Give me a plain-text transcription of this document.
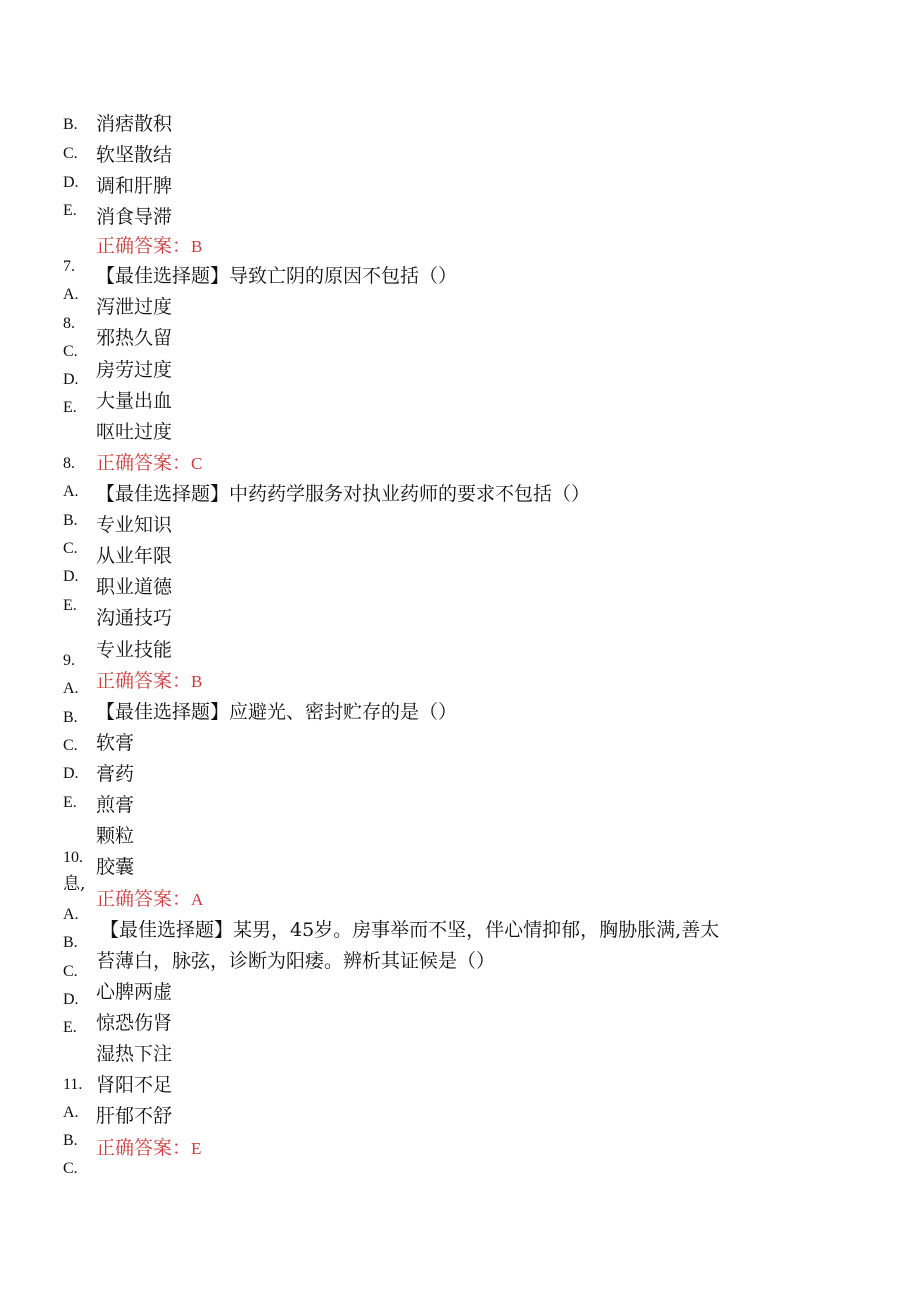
B.
C.
D.
E.
7.
A.
8.
C.
D.
E.
8.
A.
B.
C.
D.
E.
9.
A.
B.
C.
D.
E.
10.
息,
A.
B.
C.
D.
E.
11.
A.
B.
C.
消痞散积
软坚散结
调和肝脾
消食导滞
正确答案：B
【最佳选择题】导致亡阴的原因不包括（）
泻泄过度
邪热久留
房劳过度
大量出血
呕吐过度
正确答案：C
【最佳选择题】中药药学服务对执业药师的要求不包括（）
专业知识
从业年限
职业道德
沟通技巧
专业技能
正确答案：B
【最佳选择题】应避光、密封贮存的是（）
软膏
膏药
煎膏
颗粒
胶囊
正确答案：A
【最佳选择题】某男，45岁。房事举而不坚，伴心情抑郁，胸胁胀满,善太
苔薄白，脉弦，诊断为阳痿。辨析其证候是（）
心脾两虚
惊恐伤肾
湿热下注
肾阳不足
肝郁不舒
正确答案：E
